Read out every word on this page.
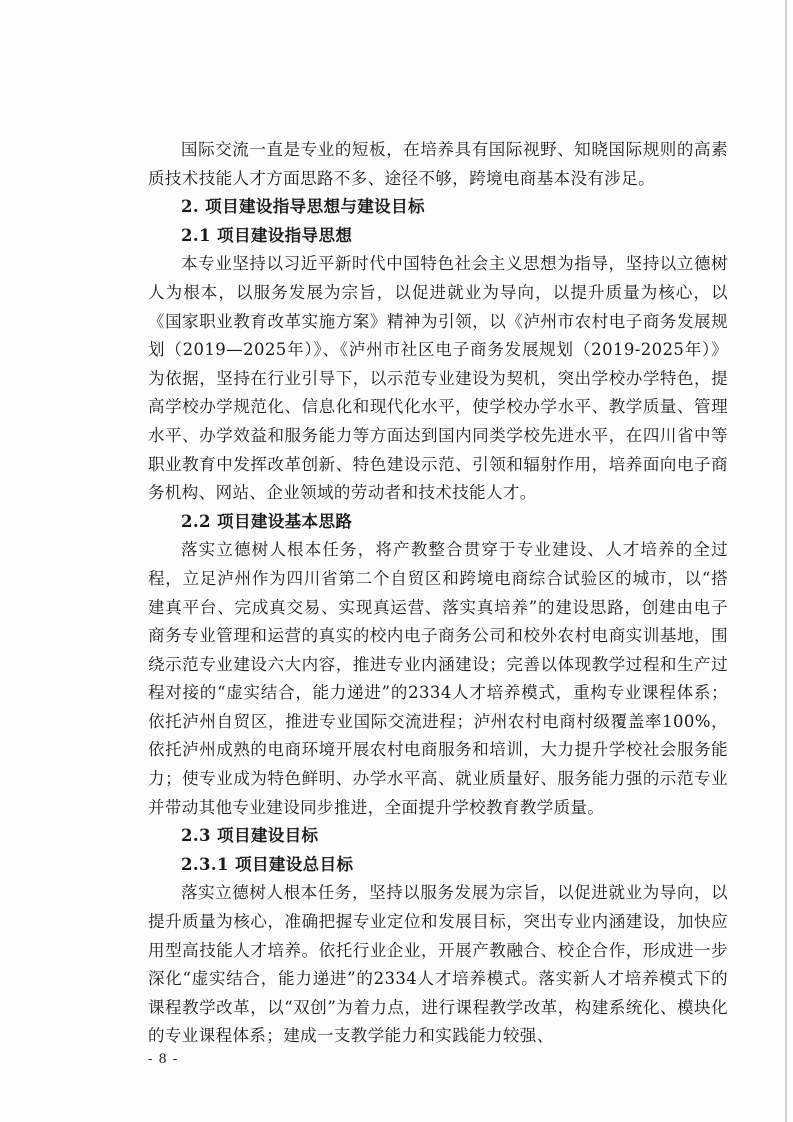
国际交流一直是专业的短板，在培养具有国际视野、知晓国际规则的高素质技术技能人才方面思路不多、途径不够，跨境电商基本没有涉足。

2. 项目建设指导思想与建设目标

2.1 项目建设指导思想

本专业坚持以习近平新时代中国特色社会主义思想为指导，坚持以立德树人为根本，以服务发展为宗旨，以促进就业为导向，以提升质量为核心，以《国家职业教育改革实施方案》精神为引领，以《泸州市农村电子商务发展规划（2019—2025年）》、《泸州市社区电子商务发展规划（2019-2025年）》为依据，坚持在行业引导下，以示范专业建设为契机，突出学校办学特色，提高学校办学规范化、信息化和现代化水平，使学校办学水平、教学质量、管理水平、办学效益和服务能力等方面达到国内同类学校先进水平，在四川省中等职业教育中发挥改革创新、特色建设示范、引领和辐射作用，培养面向电子商务机构、网站、企业领域的劳动者和技术技能人才。

2.2 项目建设基本思路

落实立德树人根本任务，将产教整合贯穿于专业建设、人才培养的全过程，立足泸州作为四川省第二个自贸区和跨境电商综合试验区的城市，以“搭建真平台、完成真交易、实现真运营、落实真培养”的建设思路，创建由电子商务专业管理和运营的真实的校内电子商务公司和校外农村电商实训基地，围绕示范专业建设六大内容，推进专业内涵建设；完善以体现教学过程和生产过程对接的“虚实结合，能力递进”的2334人才培养模式，重构专业课程体系；依托泸州自贸区，推进专业国际交流进程；泸州农村电商村级覆盖率100%，依托泸州成熟的电商环境开展农村电商服务和培训，大力提升学校社会服务能力；使专业成为特色鲜明、办学水平高、就业质量好、服务能力强的示范专业并带动其他专业建设同步推进，全面提升学校教育教学质量。

2.3 项目建设目标

2.3.1 项目建设总目标

落实立德树人根本任务，坚持以服务发展为宗旨，以促进就业为导向，以提升质量为核心，准确把握专业定位和发展目标，突出专业内涵建设，加快应用型高技能人才培养。依托行业企业，开展产教融合、校企合作，形成进一步深化“虚实结合，能力递进”的2334人才培养模式。落实新人才培养模式下的课程教学改革，以“双创”为着力点，进行课程教学改革，构建系统化、模块化的专业课程体系；建成一支教学能力和实践能力较强、

- 8 -
